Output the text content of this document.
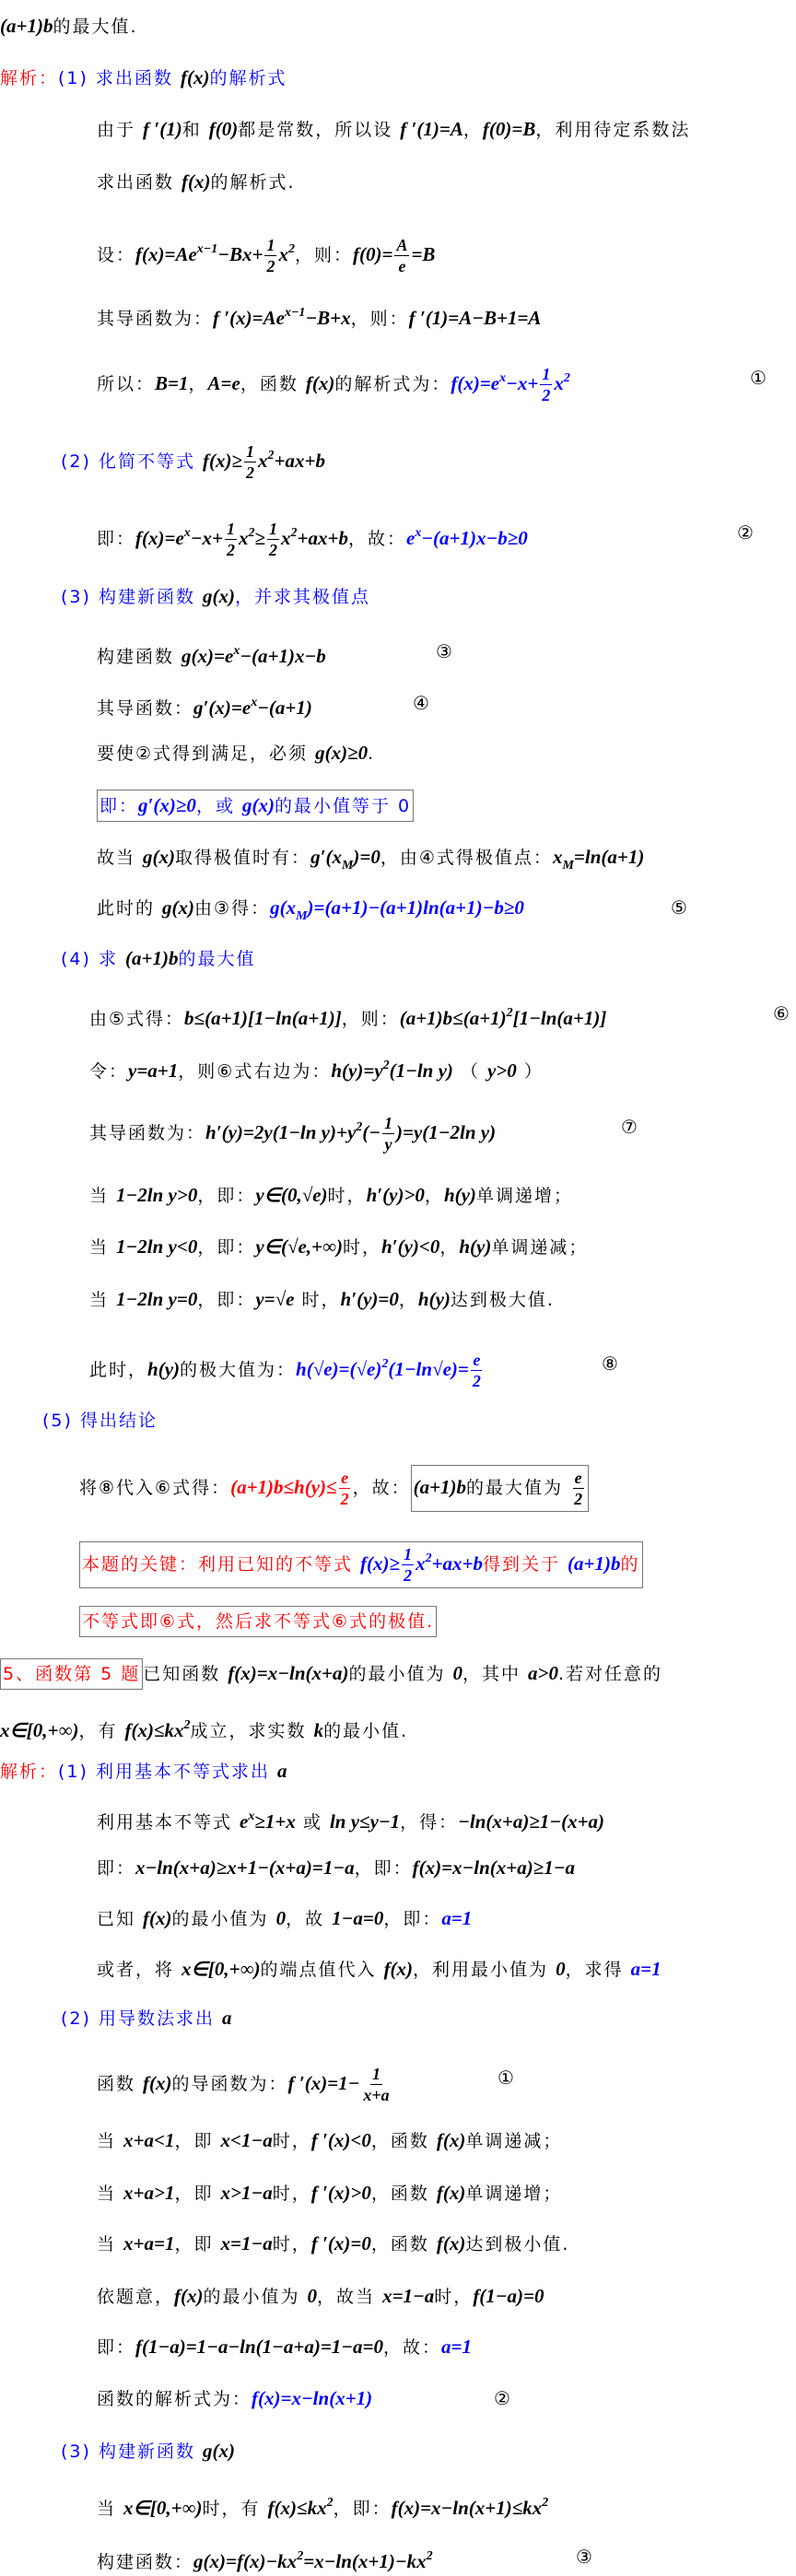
(a+1)b的最大值.
解析：(1) 求出函数 f(x)的解析式
由于 f ′(1)和 f(0)都是常数，所以设 f ′(1)=A，f(0)=B，利用待定系数法
求出函数 f(x)的解析式.
设：$f(x)=Ae^{x-1}-Bx+ \frac{1}{2} x^2$，则：$f(0)= \frac{A}{e} =B$
其导函数为：f $'(x)=Ae^{x-1}-B+x$，则：f ′(1)=A−B+1=A
所以：B=1，A=e，函数 f(x)的解析式为：$f(x)=e^x-x+ \frac{1}{2} x^2$	①
(2) 化简不等式 $f(x)\ge \frac{1}{2} x^2+ax+b$
即：$f(x)=e^x-x+ \frac{1}{2} x^2\ge \frac{1}{2} x^2+ax+b$，故：$e^x-(a+1)x-b\ge 0$	②
(3) 构建新函数 g(x)，并求其极值点
构建函数 $g(x)=e^x-(a+1)x-b$	③
其导函数：$g'(x)=e^x-(a+1)$	④
要使②式得到满足，必须 g(x)≥0.
即：g′(x)≥0，或 g(x)的最小值等于 0
故当 g(x)取得极值时有：$g'(x_M)=0$，由④式得极值点：$x_M=\ln(a+1)$
此时的 g(x)由③得：$g(x_M)=(a+1)-(a+1)\ln(a+1)-b\ge 0$	⑤
(4) 求 (a+1)b的最大值
由⑤式得：b≤(a+1)[1−ln(a+1)]，则：$(a+1)b\le(a+1)^2[1-\ln(a+1)]$	⑥
令：y=a+1，则⑥式右边为：$h(y)=y^2(1-\ln$ y) （ y>0 ）
其导函数为：h′(y)=2y(1−ln $y)+y^2(- \frac{1}{y} )=y(1-2\ln$ y)	⑦
当 1−2ln y>0，即：y∈(0,√e)时，h′(y)>0，h(y)单调递增；
当 1−2ln y<0，即：y∈(√e,+∞)时，h′(y)<0，h(y)单调递减；
当 1−2ln y=0，即：y=√e 时，h′(y)=0，h(y)达到极大值.
此时，h(y)的极大值为：$h(√e)=(√e)^2(1-\ln√e)= \frac{e}{2}$	⑧
(5) 得出结论
将⑧代入⑥式得：$(a+1)b\le h(y)\le \frac{e}{2}$ ，故： (a+1)b的最大值为 $\frac{e}{2}$
本题的关键：利用已知的不等式 $f(x)\ge \frac{1}{2} x^2+ax+b$得到关于 (a+1)b的
不等式即⑥式，然后求不等式⑥式的极值.
5、函数第 5 题 已知函数 f(x)=x−ln(x+a)的最小值为 0，其中 a>0.若对任意的
x∈[0,+∞)，有 $f(x)\le kx^2$成立，求实数 k的最小值.
解析：(1) 利用基本不等式求出 a
利用基本不等式 $e^x\ge 1+x$ 或 ln y≤y−1，得：−ln(x+a)≥1−(x+a)
即：x−ln(x+a)≥x+1−(x+a)=1−a，即：f(x)=x−ln(x+a)≥1−a
已知 f(x)的最小值为 0，故 1−a=0，即：a=1
或者，将 x∈[0,+∞)的端点值代入 f(x)，利用最小值为 0，求得 a=1
(2) 用导数法求出 a
函数 f(x)的导函数为：f $'(x)=1- \frac{1}{x+a}$	①
当 x+a<1，即 x<1−a时，f ′(x)<0，函数 f(x)单调递减；
当 x+a>1，即 x>1−a时，f ′(x)>0，函数 f(x)单调递增；
当 x+a=1，即 x=1−a时，f ′(x)=0，函数 f(x)达到极小值.
依题意，f(x)的最小值为 0，故当 x=1−a时，f(1−a)=0
即：f(1−a)=1−a−ln(1−a+a)=1−a=0，故：a=1
函数的解析式为：f(x)=x−ln(x+1)	②
(3) 构建新函数 g(x)
当 x∈[0,+∞)时，有 $f(x)\le kx^2$，即：$f(x)=x-\ln(x+1)\le kx^2$
构建函数：$g(x)=f(x)-kx^2=x-\ln(x+1)-kx^2$	③
